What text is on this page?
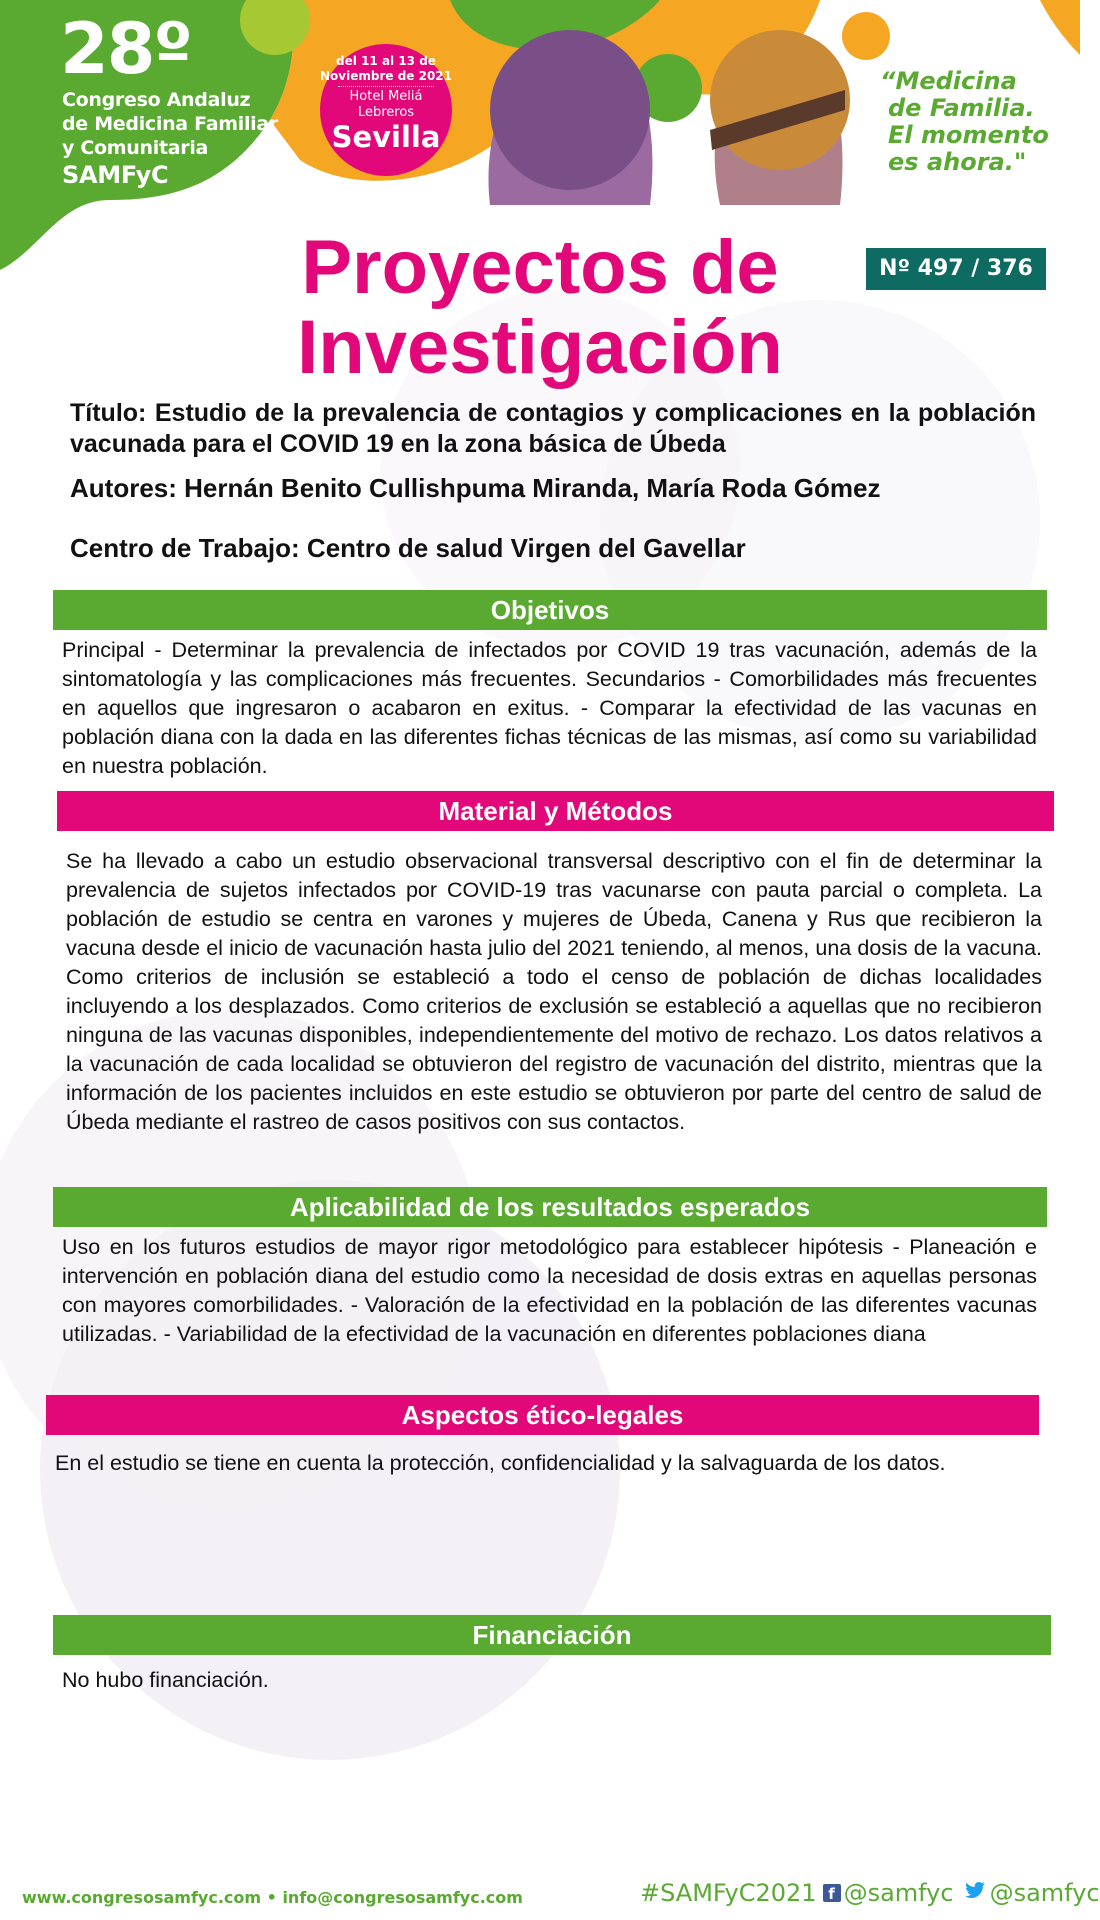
28º
Congreso Andaluz
de Medicina Familiar
y Comunitaria
SAMFyC
del 11 al 13 de
Noviembre de 2021
Hotel Meliá Lebreros
Sevilla
“Medicina
de Familia.
El momento
es ahora."
Proyectos de
Investigación
Nº 497 / 376
Título: Estudio de la prevalencia de contagios y complicaciones en la población vacunada para el COVID 19 en la zona básica de Úbeda
Autores: Hernán Benito Cullishpuma Miranda, María Roda Gómez
Centro de Trabajo: Centro de salud Virgen del Gavellar
Objetivos
Principal - Determinar la prevalencia de infectados por COVID 19 tras vacunación, además de la sintomatología y las complicaciones más frecuentes. Secundarios - Comorbilidades más frecuentes en aquellos que ingresaron o acabaron en exitus. - Comparar la efectividad de las vacunas en población diana con la dada en las diferentes fichas técnicas de las mismas, así como su variabilidad en nuestra población.
Material y Métodos
Se ha llevado a cabo un estudio observacional transversal descriptivo con el fin de determinar la prevalencia de sujetos infectados por COVID-19 tras vacunarse con pauta parcial o completa. La población de estudio se centra en varones y mujeres de Úbeda, Canena y Rus que recibieron la vacuna desde el inicio de vacunación hasta julio del 2021 teniendo, al menos, una dosis de la vacuna. Como criterios de inclusión se estableció a todo el censo de población de dichas localidades incluyendo a los desplazados. Como criterios de exclusión se estableció a aquellas que no recibieron ninguna de las vacunas disponibles, independientemente del motivo de rechazo. Los datos relativos a la vacunación de cada localidad se obtuvieron del registro de vacunación del distrito, mientras que la información de los pacientes incluidos en este estudio se obtuvieron por parte del centro de salud de Úbeda mediante el rastreo de casos positivos con sus contactos.
Aplicabilidad de los resultados esperados
Uso en los futuros estudios de mayor rigor metodológico para establecer hipótesis - Planeación e intervención en población diana del estudio como la necesidad de dosis extras en aquellas personas con mayores comorbilidades. - Valoración de la efectividad en la población de las diferentes vacunas utilizadas. - Variabilidad de la efectividad de la vacunación en diferentes poblaciones diana
Aspectos ético-legales
En el estudio se tiene en cuenta la protección, confidencialidad y la salvaguarda de los datos.
Financiación
No hubo financiación.
www.congresosamfyc.com • info@congresosamfyc.com	#SAMFyC2021 f @samfyc @samfyc
